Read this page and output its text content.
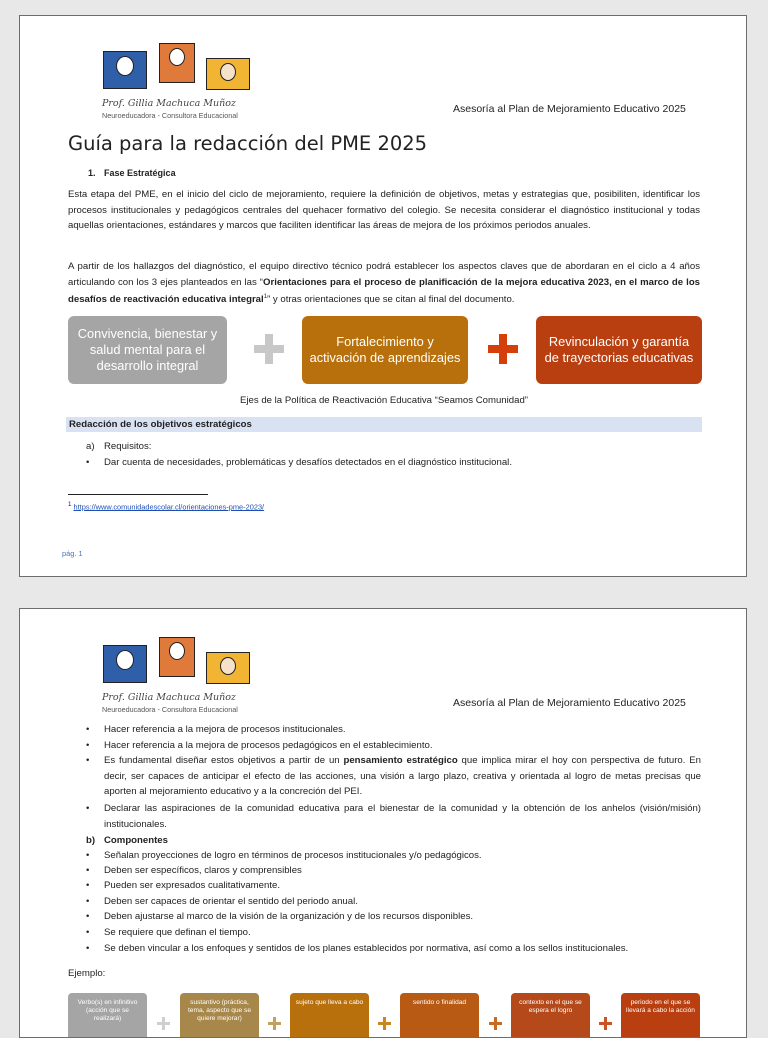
Prof. Gillia Machuca Muñoz
Neuroeducadora - Consultora Educacional
Asesoría al Plan de Mejoramiento Educativo 2025
Guía para la redacción del PME 2025
1. Fase Estratégica
Esta etapa del PME, en el inicio del ciclo de mejoramiento, requiere la definición de objetivos, metas y estrategias que, posibiliten, identificar los procesos institucionales y pedagógicos centrales del quehacer formativo del colegio. Se necesita considerar el diagnóstico institucional y todas aquellas orientaciones, estándares y marcos que faciliten identificar las áreas de mejora de los próximos periodos anuales.
A partir de los hallazgos del diagnóstico, el equipo directivo técnico podrá establecer los aspectos claves que de abordaran en el ciclo a 4 años articulando con los 3 ejes planteados en las “Orientaciones para el proceso de planificación de la mejora educativa 2023, en el marco de los desafíos de reactivación educativa integral$^1$” y otras orientaciones que se citan al final del documento.
Convivencia, bienestar y salud mental para el desarrollo integral
Fortalecimiento y activación de aprendizajes
Revinculación y garantía de trayectorias educativas
Ejes de la Política de Reactivación Educativa “Seamos Comunidad”
Redacción de los objetivos estratégicos
a) Requisitos:
• Dar cuenta de necesidades, problemáticas y desafíos detectados en el diagnóstico institucional.
$^1$ https://www.comunidadescolar.cl/orientaciones-pme-2023/
pág. 1
Prof. Gillia Machuca Muñoz
Neuroeducadora - Consultora Educacional
Asesoría al Plan de Mejoramiento Educativo 2025
• Hacer referencia a la mejora de procesos institucionales.
• Hacer referencia a la mejora de procesos pedagógicos en el establecimiento.
• Es fundamental diseñar estos objetivos a partir de un pensamiento estratégico que implica mirar el hoy con perspectiva de futuro. En decir, ser capaces de anticipar el efecto de las acciones, una visión a largo plazo, creativa y orientada al logro de metas precisas que aporten al mejoramiento educativo y a la concreción del PEI.
• Declarar las aspiraciones de la comunidad educativa para el bienestar de la comunidad y la obtención de los anhelos (visión/misión) institucionales.
b) Componentes
• Señalan proyecciones de logro en términos de procesos institucionales y/o pedagógicos.
• Deben ser específicos, claros y comprensibles
• Pueden ser expresados cualitativamente.
• Deben ser capaces de orientar el sentido del periodo anual.
• Deben ajustarse al marco de la visión de la organización y de los recursos disponibles.
• Se requiere que definan el tiempo.
• Se deben vincular a los enfoques y sentidos de los planes establecidos por normativa, así como a los sellos institucionales.
Ejemplo:
Verbo(s) en infinitivo (acción que se realizará)
sustantivo (práctica, tema, aspecto que se quiere mejorar)
sujeto que lleva a cabo	sentido o finalidad	contexto en el que se espera el logro
periodo en el que se llevará a cabo la acción
